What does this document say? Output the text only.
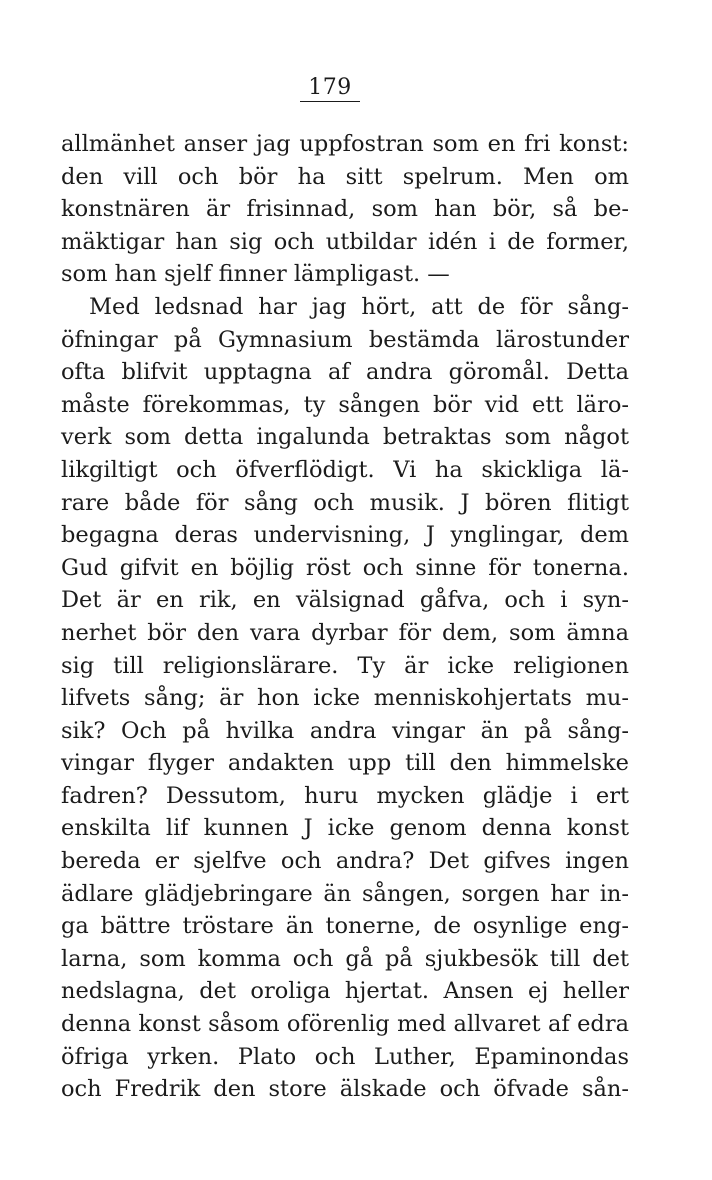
179
allmänhet anser jag uppfostran som en fri konst:
den vill och bör ha sitt spelrum. Men om
konstnären är frisinnad, som han bör, så be-
mäktigar han sig och utbildar idén i de former,
som han sjelf finner lämpligast. —
Med ledsnad har jag hört, att de för sång-
öfningar på Gymnasium bestämda lärostunder
ofta blifvit upptagna af andra göromål. Detta
måste förekommas, ty sången bör vid ett läro-
verk som detta ingalunda betraktas som något
likgiltigt och öfverflödigt. Vi ha skickliga lä-
rare både för sång och musik. J bören flitigt
begagna deras undervisning, J ynglingar, dem
Gud gifvit en böjlig röst och sinne för tonerna.
Det är en rik, en välsignad gåfva, och i syn-
nerhet bör den vara dyrbar för dem, som ämna
sig till religionslärare. Ty är icke religionen
lifvets sång; är hon icke menniskohjertats mu-
sik? Och på hvilka andra vingar än på sång-
vingar flyger andakten upp till den himmelske
fadren? Dessutom, huru mycken glädje i ert
enskilta lif kunnen J icke genom denna konst
bereda er sjelfve och andra? Det gifves ingen
ädlare glädjebringare än sången, sorgen har in-
ga bättre tröstare än tonerne, de osynlige eng-
larna, som komma och gå på sjukbesök till det
nedslagna, det oroliga hjertat. Ansen ej heller
denna konst såsom oförenlig med allvaret af edra
öfriga yrken. Plato och Luther, Epaminondas
och Fredrik den store älskade och öfvade sån-
